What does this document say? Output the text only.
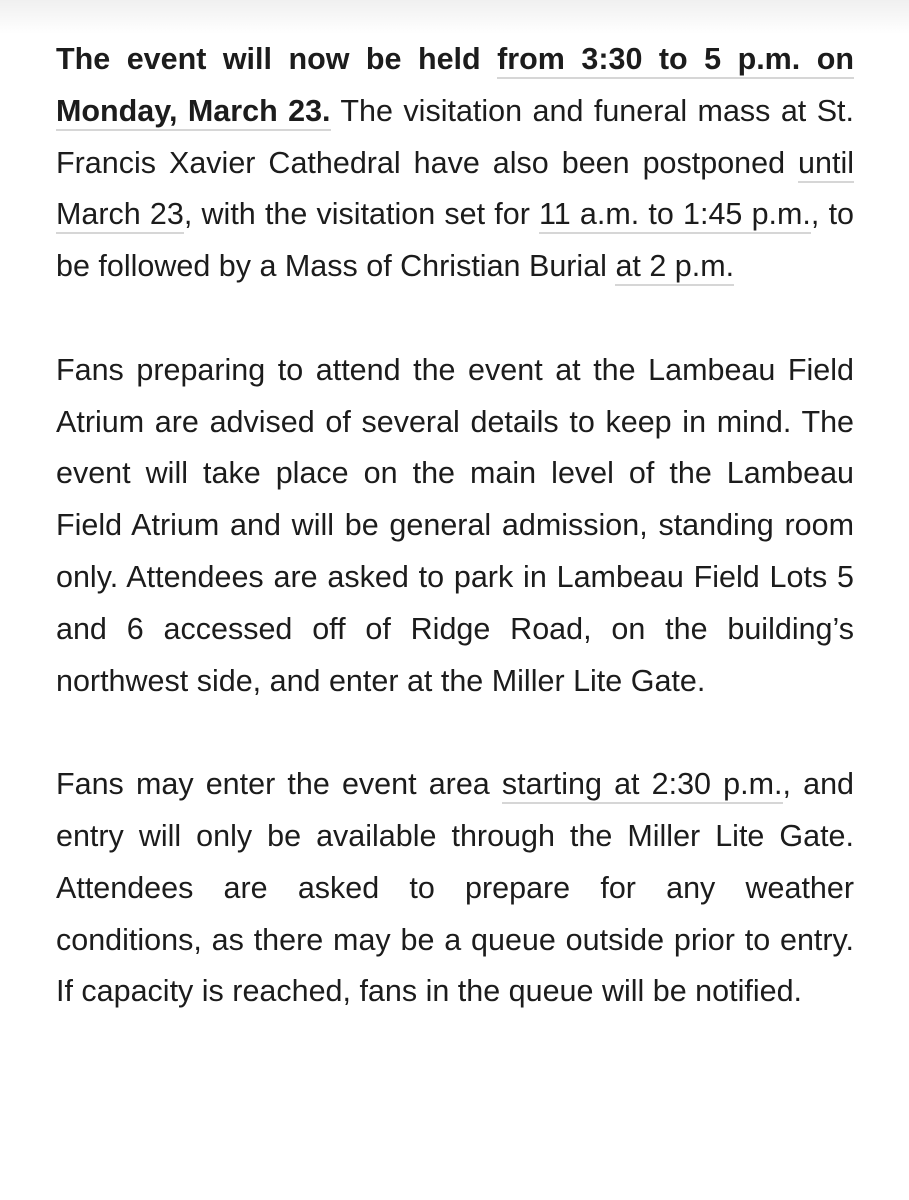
The event will now be held from 3:30 to 5 p.m. on Monday, March 23. The visitation and funeral mass at St. Francis Xavier Cathedral have also been postponed until March 23, with the visitation set for 11 a.m. to 1:45 p.m., to be followed by a Mass of Christian Burial at 2 p.m.

Fans preparing to attend the event at the Lambeau Field Atrium are advised of several details to keep in mind. The event will take place on the main level of the Lambeau Field Atrium and will be general admission, standing room only. Attendees are asked to park in Lambeau Field Lots 5 and 6 accessed off of Ridge Road, on the building’s northwest side, and enter at the Miller Lite Gate.

Fans may enter the event area starting at 2:30 p.m., and entry will only be available through the Miller Lite Gate. Attendees are asked to prepare for any weather conditions, as there may be a queue outside prior to entry. If capacity is reached, fans in the queue will be notified.
